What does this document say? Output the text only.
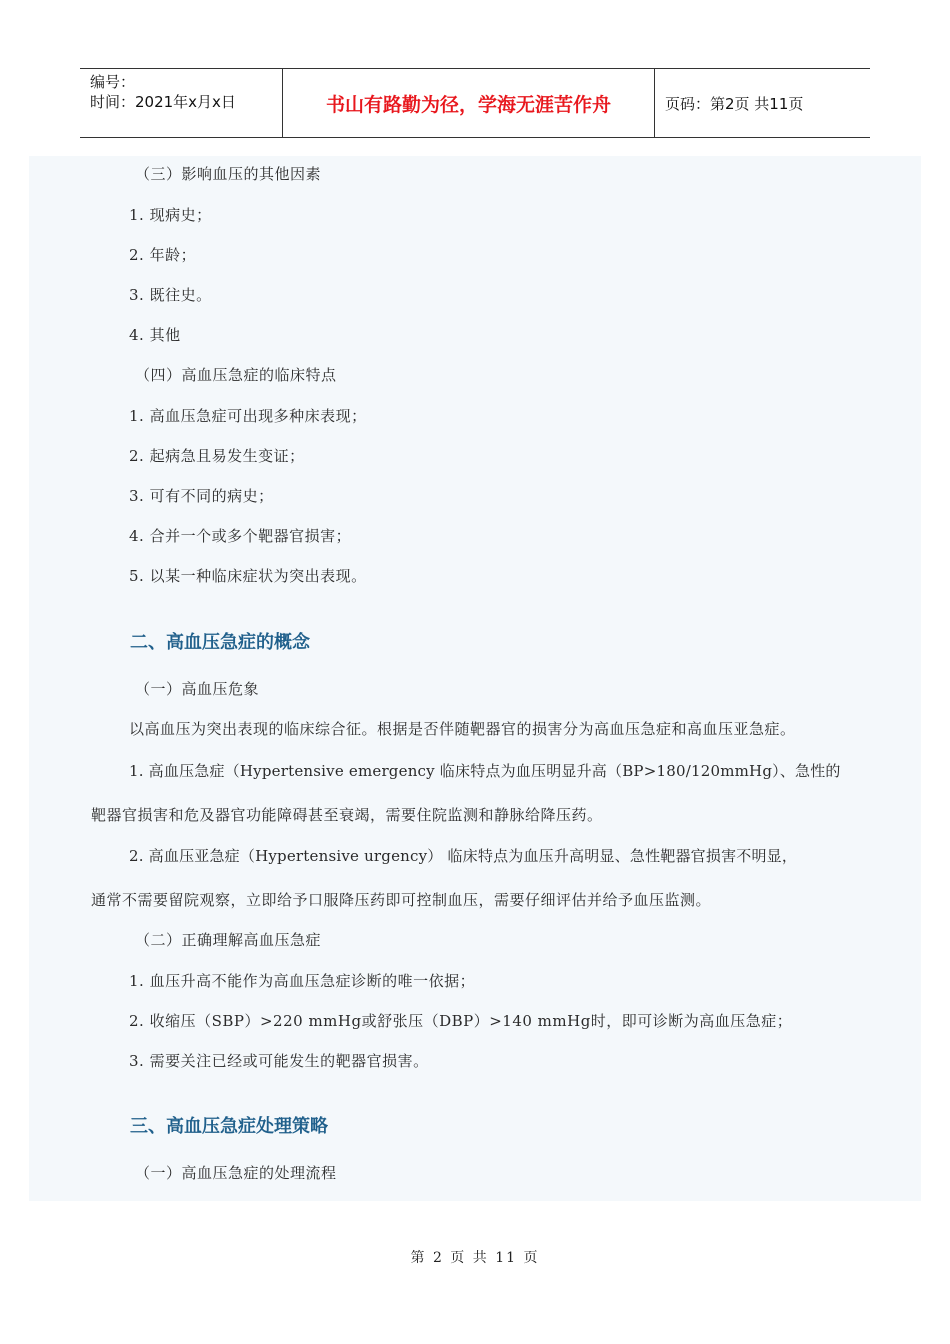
编号：
时间：2021年x月x日	书山有路勤为径，学海无涯苦作舟	页码：第2页 共11页
（三）影响血压的其他因素
1. 现病史；
2. 年龄；
3. 既往史。
4. 其他
（四）高血压急症的临床特点
1. 高血压急症可出现多种床表现；
2. 起病急且易发生变证；
3. 可有不同的病史；
4. 合并一个或多个靶器官损害；
5. 以某一种临床症状为突出表现。
二、高血压急症的概念
（一）高血压危象
以高血压为突出表现的临床综合征。根据是否伴随靶器官的损害分为高血压急症和高血压亚急症。
1. 高血压急症（Hypertensive emergency 临床特点为血压明显升高（BP>180/120mmHg）、急性的
靶器官损害和危及器官功能障碍甚至衰竭，需要住院监测和静脉给降压药。
2. 高血压亚急症（Hypertensive urgency） 临床特点为血压升高明显、急性靶器官损害不明显，
通常不需要留院观察，立即给予口服降压药即可控制血压，需要仔细评估并给予血压监测。
（二）正确理解高血压急症
1. 血压升高不能作为高血压急症诊断的唯一依据；
2. 收缩压（SBP）>220 mmHg或舒张压（DBP）>140 mmHg时，即可诊断为高血压急症；
3. 需要关注已经或可能发生的靶器官损害。
三、高血压急症处理策略
（一）高血压急症的处理流程
第 2 页 共 11 页
